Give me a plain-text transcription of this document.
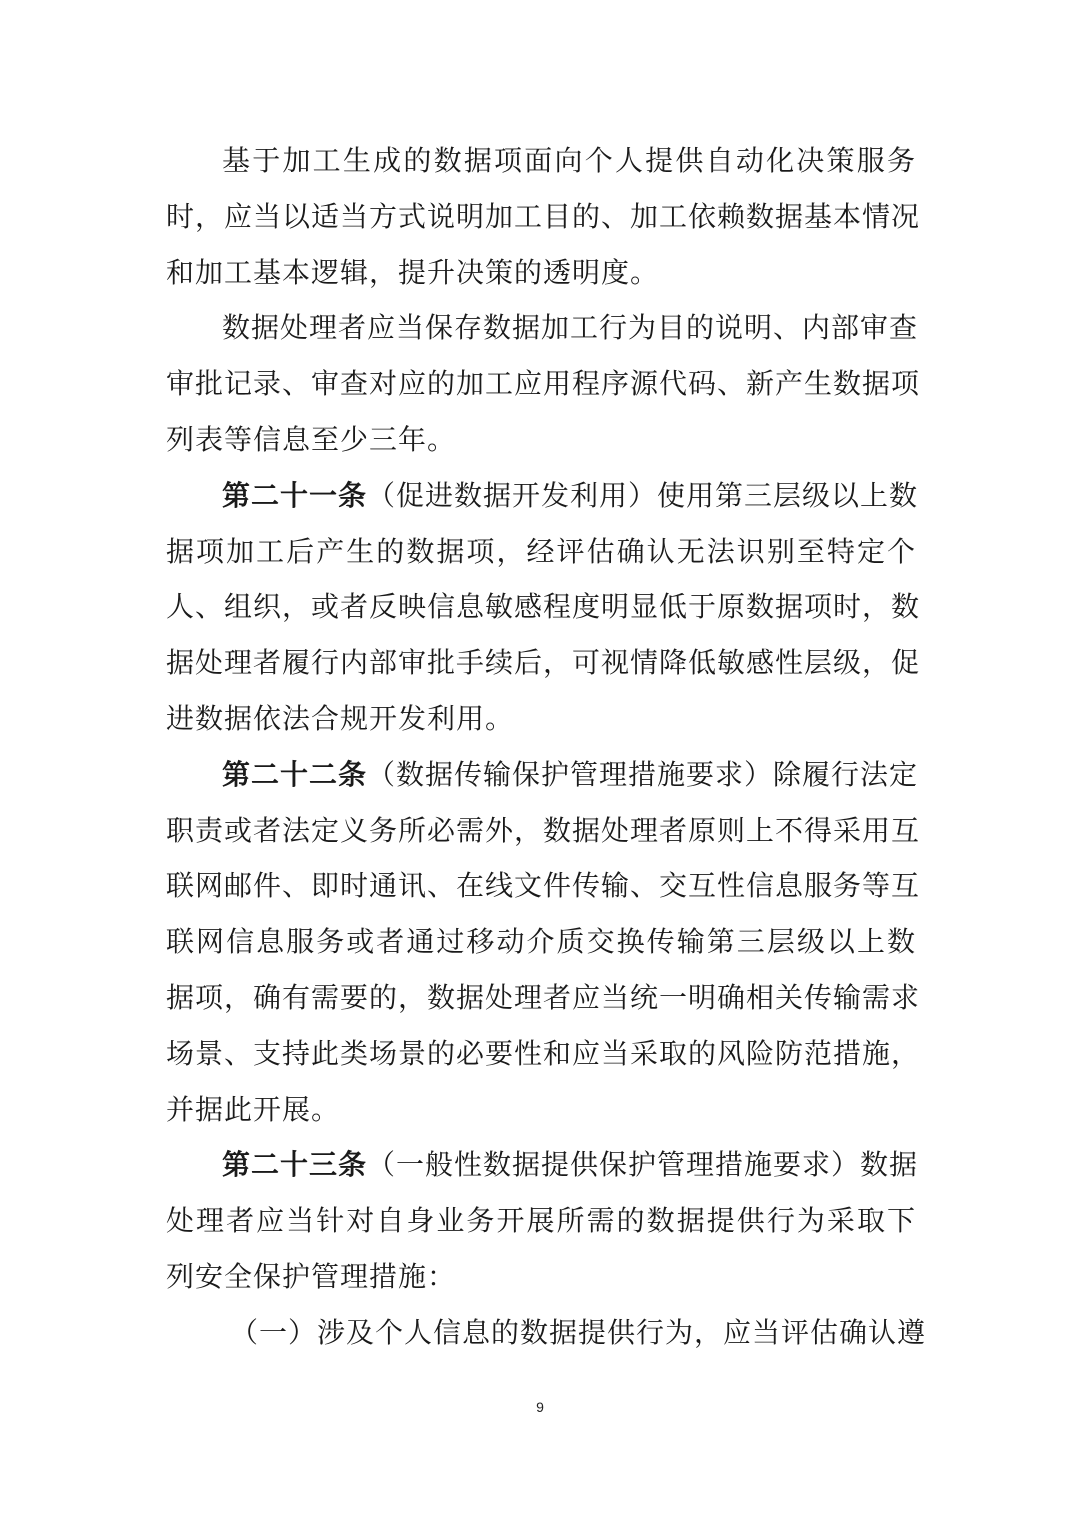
基于加工生成的数据项面向个人提供自动化决策服务
时，应当以适当方式说明加工目的、加工依赖数据基本情况
和加工基本逻辑，提升决策的透明度。
数据处理者应当保存数据加工行为目的说明、内部审查
审批记录、审查对应的加工应用程序源代码、新产生数据项
列表等信息至少三年。
第二十一条（促进数据开发利用）使用第三层级以上数
据项加工后产生的数据项，经评估确认无法识别至特定个
人、组织，或者反映信息敏感程度明显低于原数据项时，数
据处理者履行内部审批手续后，可视情降低敏感性层级，促
进数据依法合规开发利用。
第二十二条（数据传输保护管理措施要求）除履行法定
职责或者法定义务所必需外，数据处理者原则上不得采用互
联网邮件、即时通讯、在线文件传输、交互性信息服务等互
联网信息服务或者通过移动介质交换传输第三层级以上数
据项，确有需要的，数据处理者应当统一明确相关传输需求
场景、支持此类场景的必要性和应当采取的风险防范措施，
并据此开展。
第二十三条（一般性数据提供保护管理措施要求）数据
处理者应当针对自身业务开展所需的数据提供行为采取下
列安全保护管理措施：
（一）涉及个人信息的数据提供行为，应当评估确认遵
9
